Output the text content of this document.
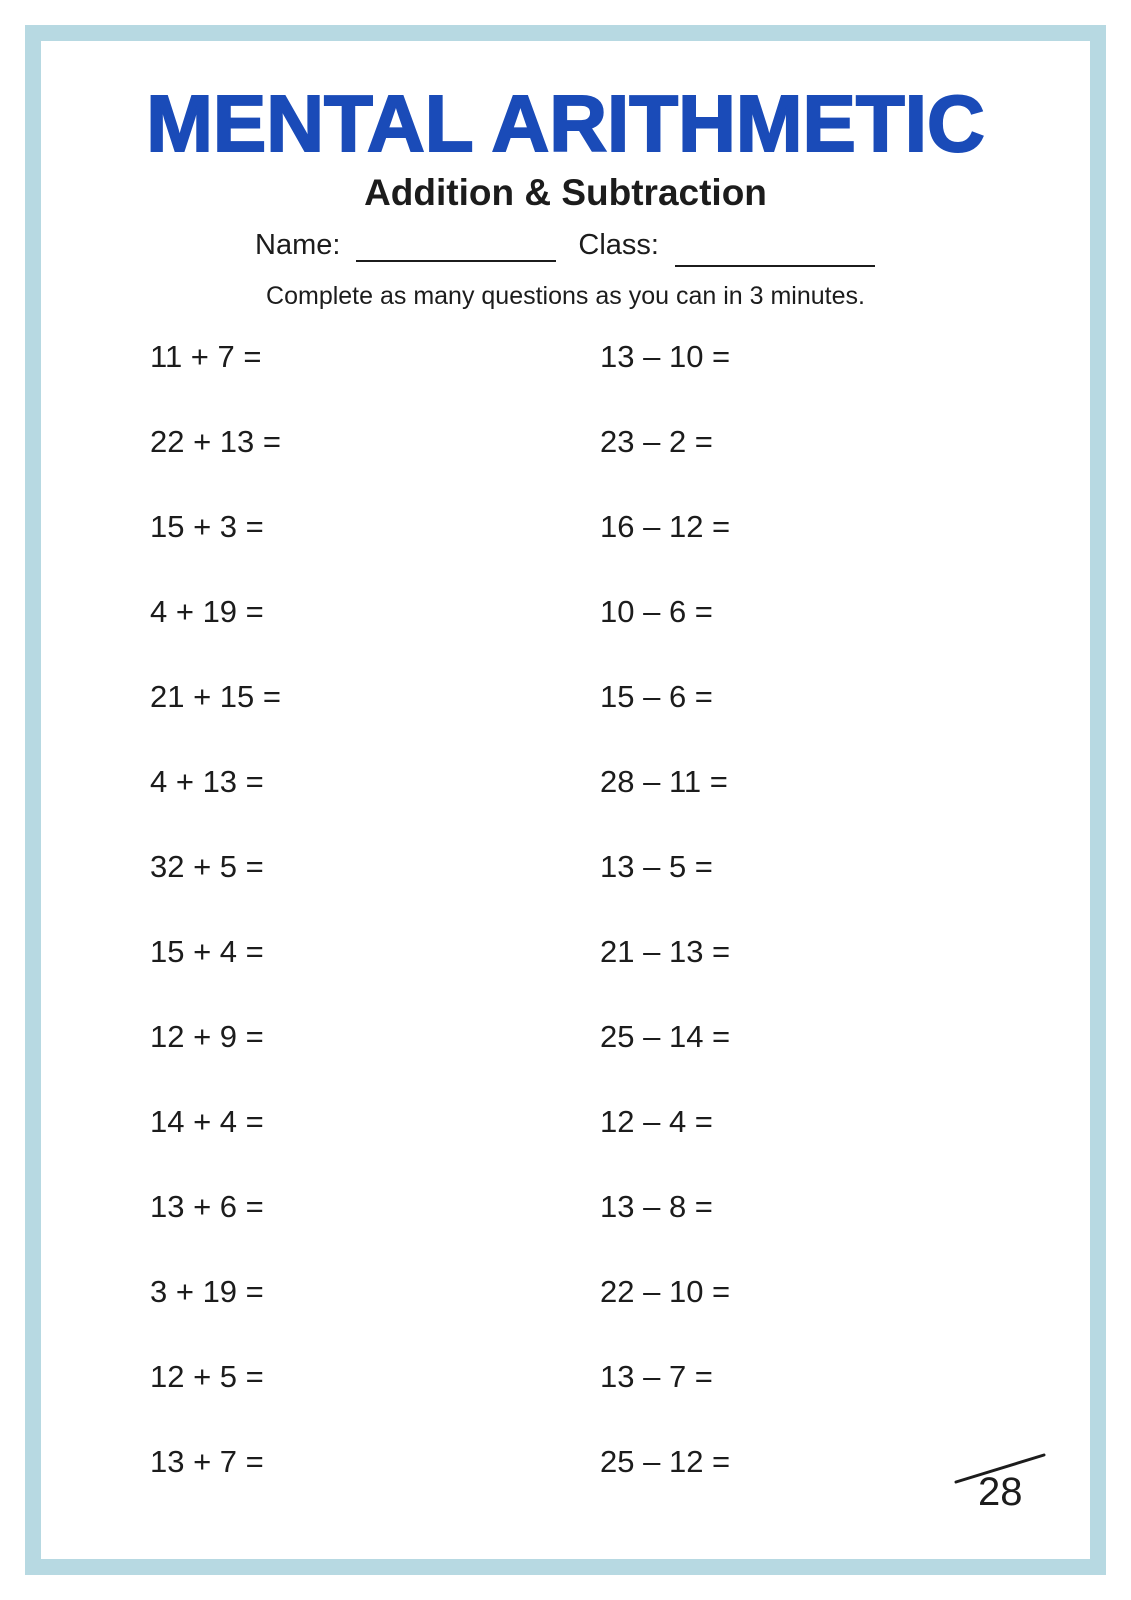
MENTAL ARITHMETIC
Addition & Subtraction
Name:	Class:
Complete as many questions as you can in 3 minutes.
11 + 7 =	13 – 10 =
22 + 13 =	23 – 2 =
15 + 3 =	16 – 12 =
4 + 19 =	10 – 6 =
21 + 15 =	15 – 6 =
4 + 13 =	28 – 11 =
32 + 5 =	13 – 5 =
15 + 4 =	21 – 13 =
12 + 9 =	25 – 14 =
14 + 4 =	12 – 4 =
13 + 6 =	13 – 8 =
3 + 19 =	22 – 10 =
12 + 5 =	13 – 7 =
13 + 7 =	25 – 12 =
28
